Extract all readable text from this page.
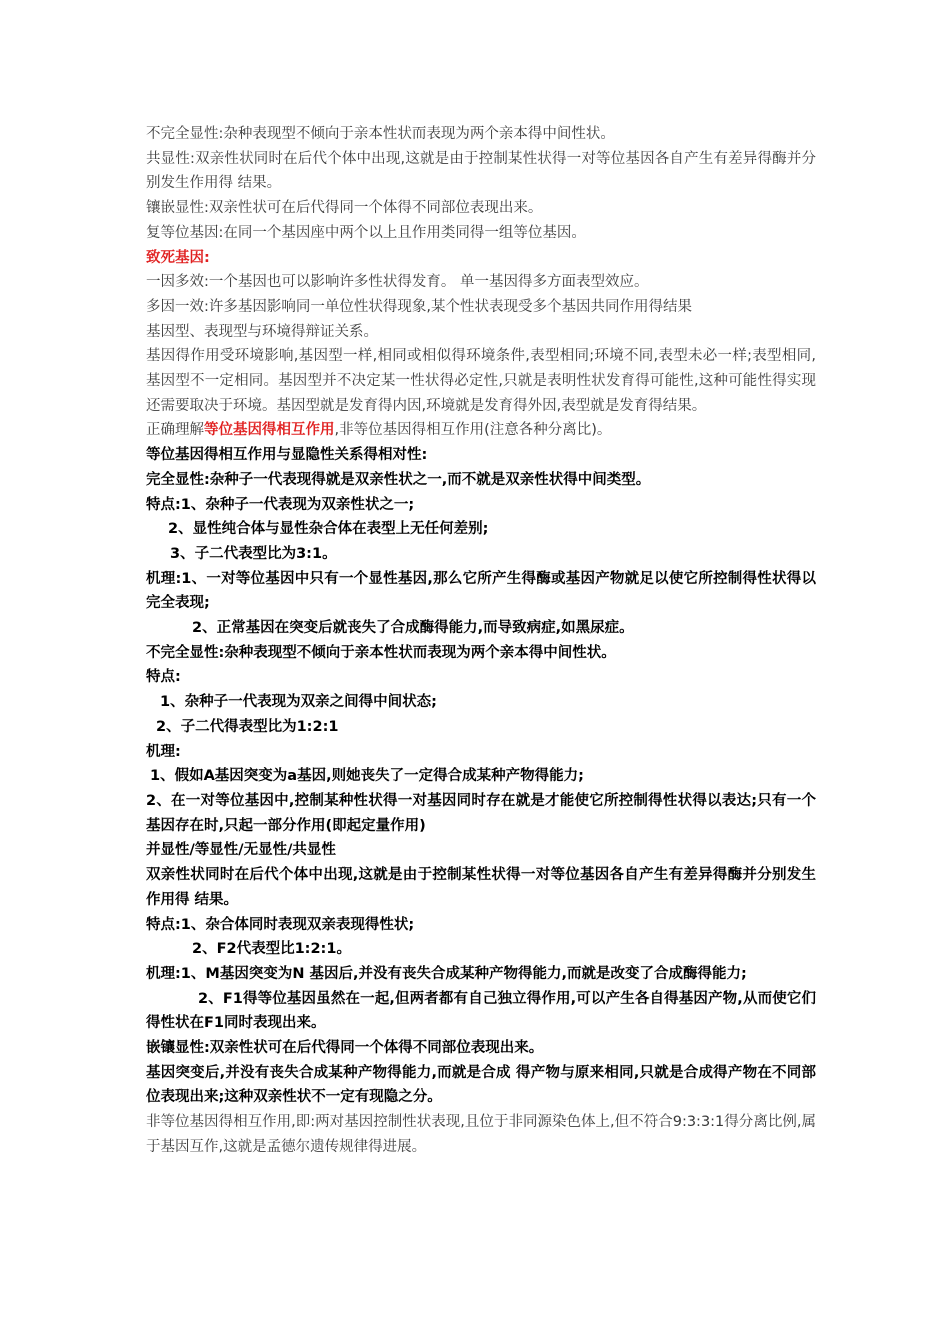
不完全显性:杂种表现型不倾向于亲本性状而表现为两个亲本得中间性状。

共显性:双亲性状同时在后代个体中出现,这就是由于控制某性状得一对等位基因各自产生有差异得酶并分别发生作用得 结果。

镶嵌显性:双亲性状可在后代得同一个体得不同部位表现出来。

复等位基因:在同一个基因座中两个以上且作用类同得一组等位基因。

致死基因:

一因多效:一个基因也可以影响许多性状得发育。 单一基因得多方面表型效应。

多因一效:许多基因影响同一单位性状得现象,某个性状表现受多个基因共同作用得结果

基因型、表现型与环境得辩证关系。

基因得作用受环境影响,基因型一样,相同或相似得环境条件,表型相同;环境不同,表型未必一样;表型相同,基因型不一定相同。基因型并不决定某一性状得必定性,只就是表明性状发育得可能性,这种可能性得实现还需要取决于环境。基因型就是发育得内因,环境就是发育得外因,表型就是发育得结果。

正确理解等位基因得相互作用,非等位基因得相互作用(注意各种分离比)。

等位基因得相互作用与显隐性关系得相对性:

完全显性:杂种子一代表现得就是双亲性状之一,而不就是双亲性状得中间类型。

特点:1、杂种子一代表现为双亲性状之一;

2、显性纯合体与显性杂合体在表型上无任何差别;

3、子二代表型比为3:1。

机理:1、一对等位基因中只有一个显性基因,那么它所产生得酶或基因产物就足以使它所控制得性状得以完全表现;

2、正常基因在突变后就丧失了合成酶得能力,而导致病症,如黑尿症。

不完全显性:杂种表现型不倾向于亲本性状而表现为两个亲本得中间性状。

特点:

1、杂种子一代表现为双亲之间得中间状态;

2、子二代得表型比为1:2:1

机理:

1、假如A基因突变为a基因,则她丧失了一定得合成某种产物得能力;

2、在一对等位基因中,控制某种性状得一对基因同时存在就是才能使它所控制得性状得以表达;只有一个基因存在时,只起一部分作用(即起定量作用)

并显性/等显性/无显性/共显性

双亲性状同时在后代个体中出现,这就是由于控制某性状得一对等位基因各自产生有差异得酶并分别发生作用得 结果。

特点:1、杂合体同时表现双亲表现得性状;

2、F2代表型比1:2:1。

机理:1、M基因突变为N 基因后,并没有丧失合成某种产物得能力,而就是改变了合成酶得能力;

2、F1得等位基因虽然在一起,但两者都有自己独立得作用,可以产生各自得基因产物,从而使它们得性状在F1同时表现出来。

嵌镶显性:双亲性状可在后代得同一个体得不同部位表现出来。

基因突变后,并没有丧失合成某种产物得能力,而就是合成 得产物与原来相同,只就是合成得产物在不同部位表现出来;这种双亲性状不一定有现隐之分。

非等位基因得相互作用,即:两对基因控制性状表现,且位于非同源染色体上,但不符合9:3:3:1得分离比例,属于基因互作,这就是孟德尔遗传规律得进展。
